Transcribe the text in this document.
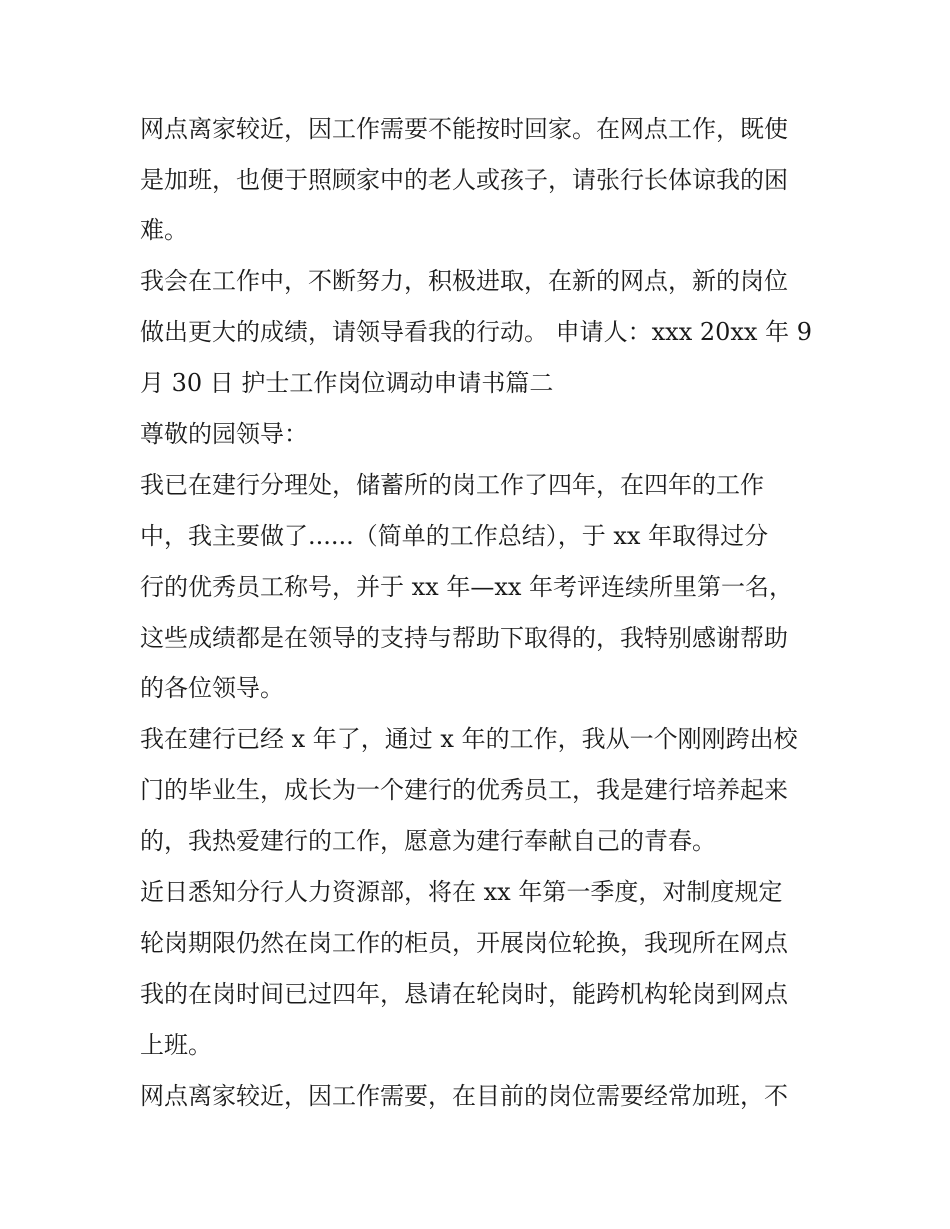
网点离家较近，因工作需要不能按时回家。在网点工作，既使
是加班，也便于照顾家中的老人或孩子，请张行长体谅我的困
难。
我会在工作中，不断努力，积极进取，在新的网点，新的岗位
做出更大的成绩，请领导看我的行动。 申请人：xxx 20xx 年 9
月 30 日 护士工作岗位调动申请书篇二
尊敬的园领导：
我已在建行分理处，储蓄所的岗工作了四年，在四年的工作
中，我主要做了......（简单的工作总结），于 xx 年取得过分
行的优秀员工称号，并于 xx 年—xx 年考评连续所里第一名，
这些成绩都是在领导的支持与帮助下取得的，我特别感谢帮助
的各位领导。
我在建行已经 x 年了，通过 x 年的工作，我从一个刚刚跨出校
门的毕业生，成长为一个建行的优秀员工，我是建行培养起来
的，我热爱建行的工作，愿意为建行奉献自己的青春。
近日悉知分行人力资源部，将在 xx 年第一季度，对制度规定
轮岗期限仍然在岗工作的柜员，开展岗位轮换，我现所在网点
我的在岗时间已过四年，恳请在轮岗时，能跨机构轮岗到网点
上班。
网点离家较近，因工作需要，在目前的岗位需要经常加班，不
